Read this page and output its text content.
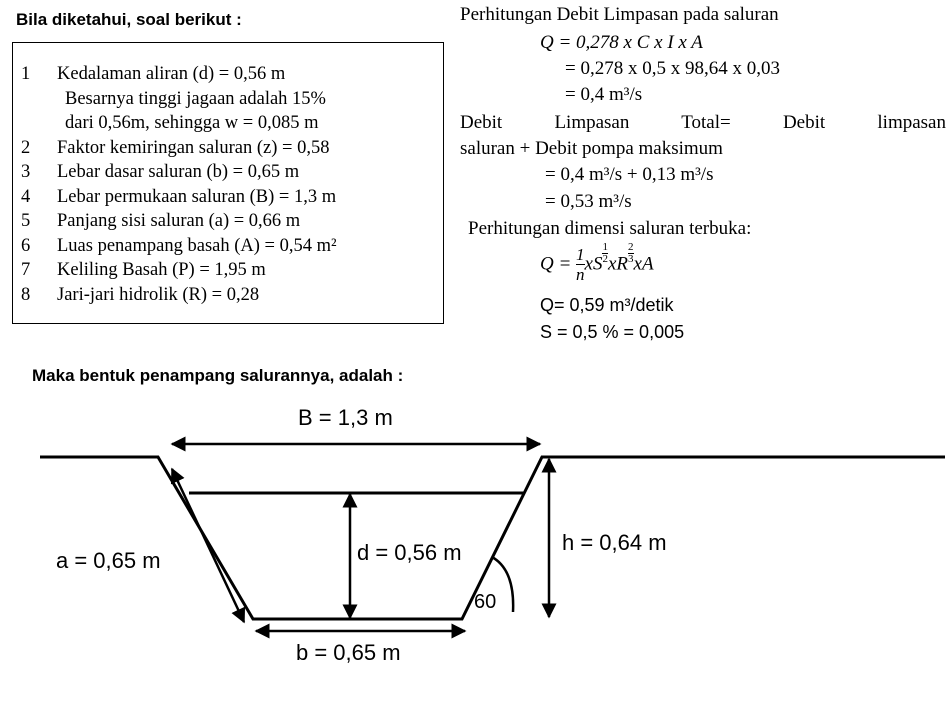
Bila diketahui, soal berikut :
1 Kedalaman aliran (d) = 0,56 m
Besarnya tinggi jagaan adalah 15%
dari 0,56m, sehingga w = 0,085 m
2 Faktor kemiringan saluran (z) = 0,58
3 Lebar dasar saluran (b) = 0,65 m
4 Lebar permukaan saluran (B) = 1,3 m
5 Panjang sisi saluran (a) = 0,66 m
6 Luas penampang basah (A) = 0,54 m²
7 Keliling Basah (P) = 1,95 m
8 Jari-jari hidrolik (R) = 0,28
Perhitungan Debit Limpasan pada saluran
Q = 0,278 x C x I x A
= 0,278 x 0,5 x 98,64 x 0,03
= 0,4 m³/s
Debit Limpasan Total= Debit limpasan
saluran + Debit pompa maksimum
= 0,4 m³/s + 0,13 m³/s
= 0,53 m³/s
Perhitungan dimensi saluran terbuka:
$Q = \frac{1}{n}$ xS $\frac{1}{2}$ xR $\frac{2}{3}$ xA
Q= 0,59 m³/detik
S = 0,5 % = 0,005
Maka bentuk penampang salurannya, adalah :
B = 1,3 m
a = 0,65 m	d = 0,56 m	h = 0,64 m
b = 0,65 m
60
